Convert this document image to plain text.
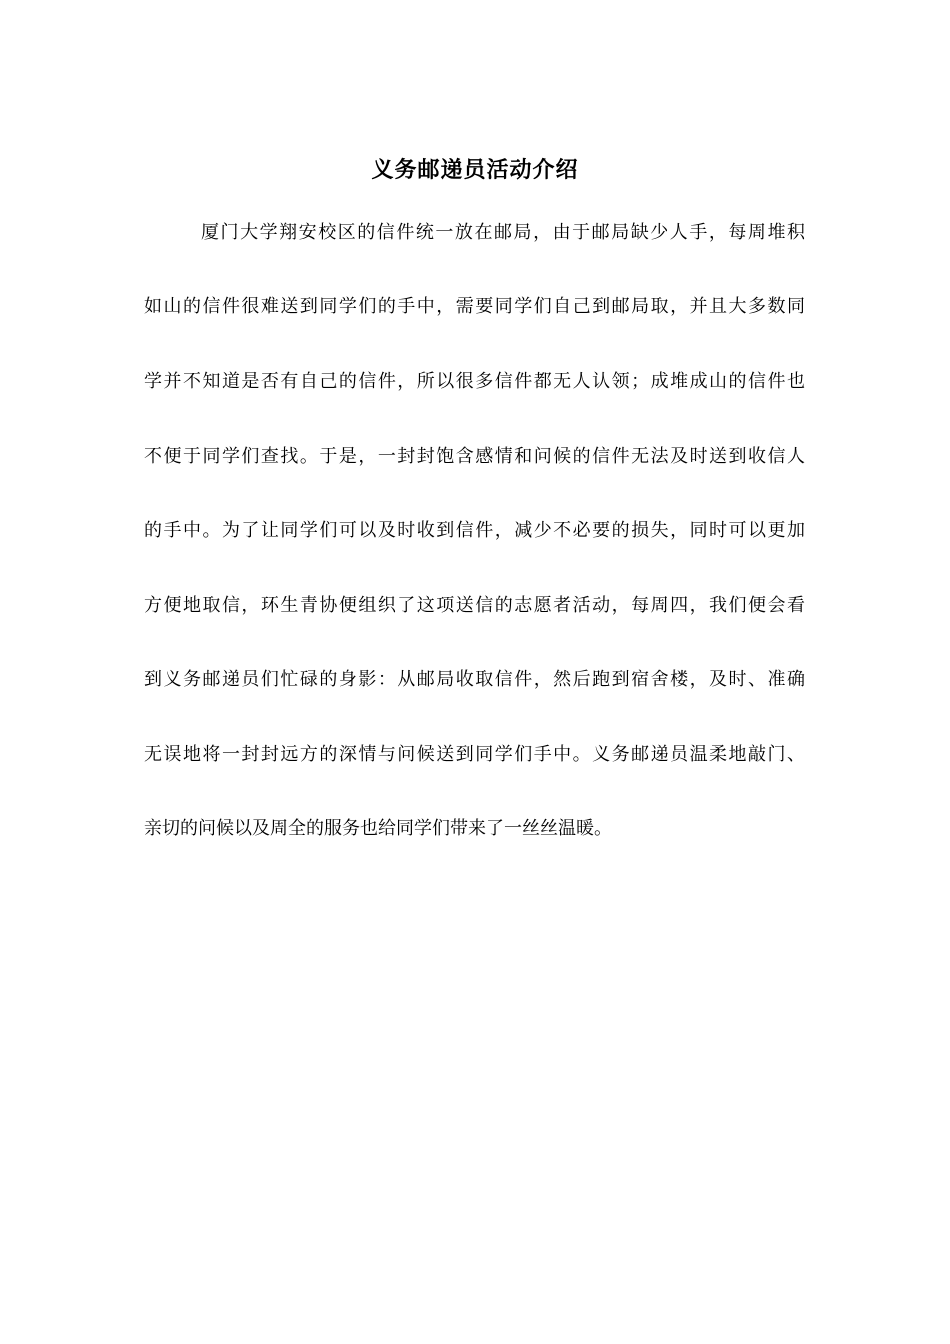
义务邮递员活动介绍
厦门大学翔安校区的信件统一放在邮局，由于邮局缺少人手，每周堆积
如山的信件很难送到同学们的手中，需要同学们自己到邮局取，并且大多数同
学并不知道是否有自己的信件，所以很多信件都无人认领；成堆成山的信件也
不便于同学们查找。于是，一封封饱含感情和问候的信件无法及时送到收信人
的手中。为了让同学们可以及时收到信件，减少不必要的损失，同时可以更加
方便地取信，环生青协便组织了这项送信的志愿者活动，每周四，我们便会看
到义务邮递员们忙碌的身影：从邮局收取信件，然后跑到宿舍楼，及时、准确
无误地将一封封远方的深情与问候送到同学们手中。义务邮递员温柔地敲门、
亲切的问候以及周全的服务也给同学们带来了一丝丝温暖。
